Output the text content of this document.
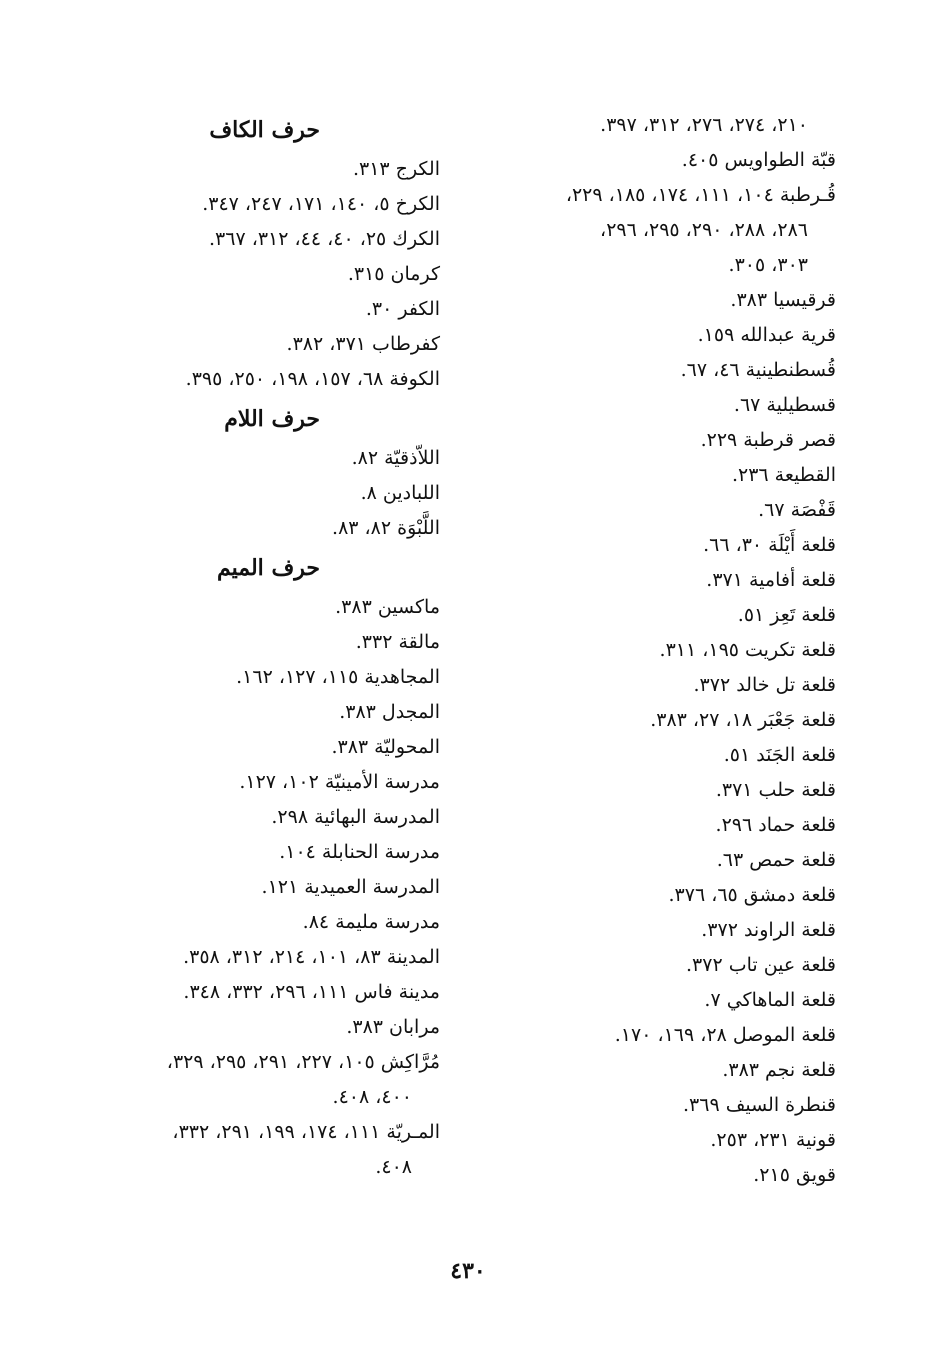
٢١٠، ٢٧٤، ٢٧٦، ٣١٢، ٣٩٧.
قبّة الطواويس ٤٠٥.
قُـرطبة ١٠٤، ١١١، ١٧٤، ١٨٥، ٢٢٩،
٢٨٦، ٢٨٨، ٢٩٠، ٢٩٥، ٢٩٦،
٣٠٣، ٣٠٥.
قرقيسيا ٣٨٣.
قرية عبدالله ١٥٩.
قُسطنطينية ٤٦، ٦٧.
قسطيلية ٦٧.
قصر قرطبة ٢٢٩.
القطيعة ٢٣٦.
قَفْصَة ٦٧.
قلعة أَيْلَة ٣٠، ٦٦.
قلعة أفامية ٣٧١.
قلعة تَعِز ٥١.
قلعة تكريت ١٩٥، ٣١١.
قلعة تل خالد ٣٧٢.
قلعة جَعْبَر ١٨، ٢٧، ٣٨٣.
قلعة الجَنَد ٥١.
قلعة حلب ٣٧١.
قلعة حماد ٢٩٦.
قلعة حمص ٦٣.
قلعة دمشق ٦٥، ٣٧٦.
قلعة الراوند ٣٧٢.
قلعة عين تاب ٣٧٢.
قلعة الماهاكي ٧.
قلعة الموصل ٢٨، ١٦٩، ١٧٠.
قلعة نجم ٣٨٣.
قنطرة السيف ٣٦٩.
قونية ٢٣١، ٢٥٣.
قويق ٢١٥.
حرف الكاف
الكرج ٣١٣.
الكرخ ٥، ١٤٠، ١٧١، ٢٤٧، ٣٤٧.
الكرك ٢٥، ٤٠، ٤٤، ٣١٢، ٣٦٧.
كرمان ٣١٥.
الكفر ٣٠.
كفرطاب ٣٧١، ٣٨٢.
الكوفة ٦٨، ١٥٧، ١٩٨، ٢٥٠، ٣٩٥.
حرف اللام
اللاّذقيّة ٨٢.
اللبادين ٨.
اللَّبْوَة ٨٢، ٨٣.
حرف الميم
ماكسين ٣٨٣.
مالقة ٣٣٢.
المجاهدية ١١٥، ١٢٧، ١٦٢.
المجدل ٣٨٣.
المحوليّة ٣٨٣.
مدرسة الأمينيّة ١٠٢، ١٢٧.
المدرسة البهائية ٢٩٨.
مدرسة الحنابلة ١٠٤.
المدرسة العميدية ١٢١.
مدرسة مليمة ٨٤.
المدينة ٨٣، ١٠١، ٢١٤، ٣١٢، ٣٥٨.
مدينة فاس ١١١، ٢٩٦، ٣٣٢، ٣٤٨.
مرابان ٣٨٣.
مُرَّاكِش ١٠٥، ٢٢٧، ٢٩١، ٢٩٥، ٣٢٩،
٤٠٠، ٤٠٨.
المـريّة ١١١، ١٧٤، ١٩٩، ٢٩١، ٣٣٢،
٤٠٨.
٤٣٠
